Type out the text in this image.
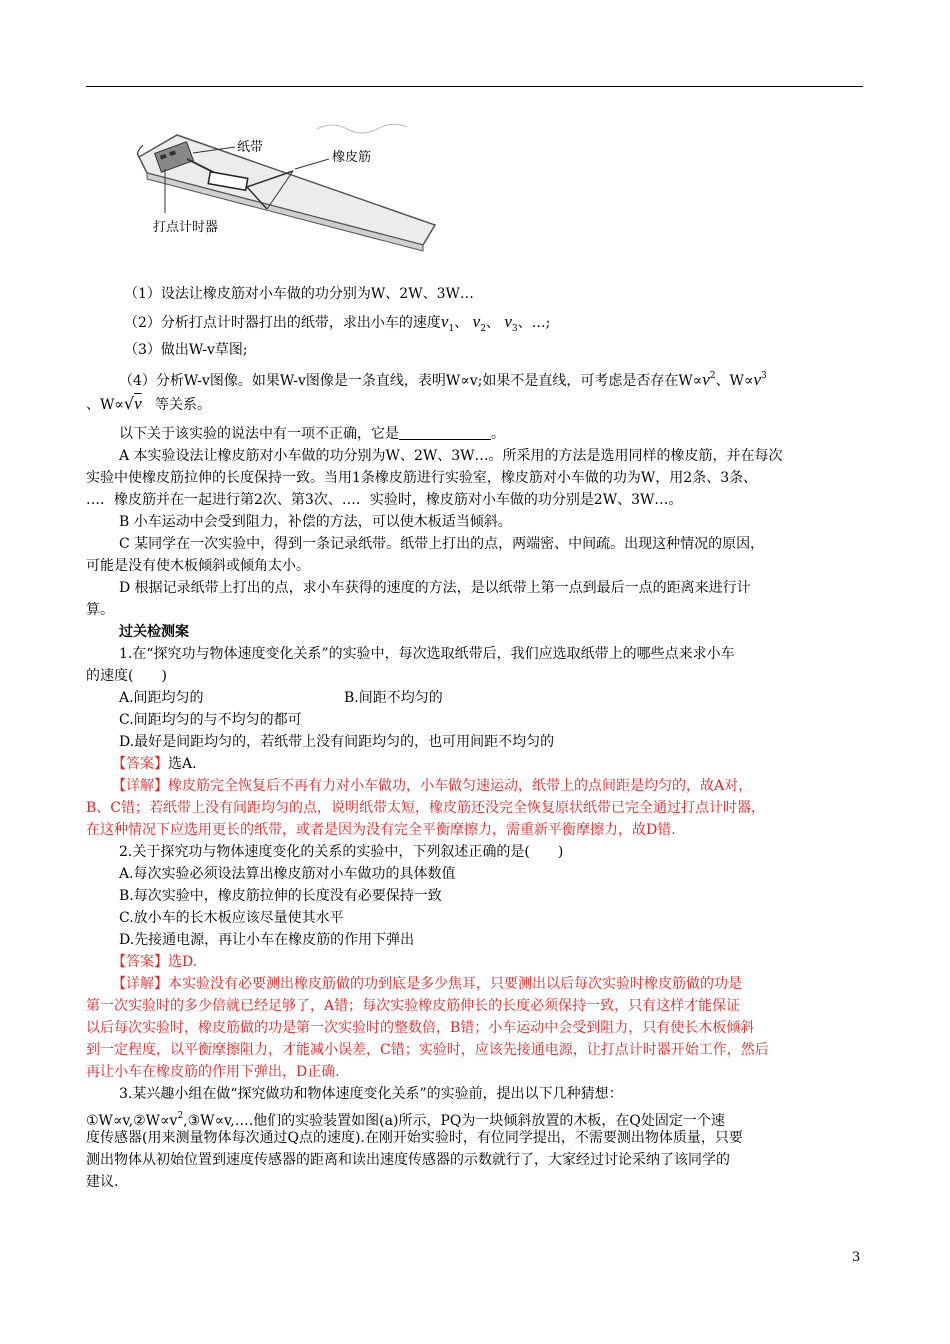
纸带
橡皮筋
打点计时器
（1）设法让橡皮筋对小车做的功分别为W、2W、3W…
（2）分析打点计时器打出的纸带，求出小车的速度$v_1$、 $v_2$、 $v_3$、…;
（3）做出W-v草图;
（4）分析W-v图像。如果W-v图像是一条直线，表明W∝v;如果不是直线，可考虑是否存在$W\propto v^2$、$W\propto v^3$
、W∝√v 等关系。
以下关于该实验的说法中有一项不正确，它是	。
A 本实验设法让橡皮筋对小车做的功分别为W、2W、3W…。所采用的方法是选用同样的橡皮筋，并在每次
实验中使橡皮筋拉伸的长度保持一致。当用1条橡皮筋进行实验室，橡皮筋对小车做的功为W，用2条、3条、
…．橡皮筋并在一起进行第2次、第3次、…．实验时，橡皮筋对小车做的功分别是2W、3W…。
B 小车运动中会受到阻力，补偿的方法，可以使木板适当倾斜。
C 某同学在一次实验中，得到一条记录纸带。纸带上打出的点，两端密、中间疏。出现这种情况的原因，
可能是没有使木板倾斜或倾角太小。
D 根据记录纸带上打出的点，求小车获得的速度的方法，是以纸带上第一点到最后一点的距离来进行计
算。
过关检测案
1.在“探究功与物体速度变化关系”的实验中，每次选取纸带后，我们应选取纸带上的哪些点来求小车
的速度(　　)
A.间距均匀的	B.间距不均匀的
C.间距均匀的与不均匀的都可
D.最好是间距均匀的，若纸带上没有间距均匀的，也可用间距不均匀的
【答案】选A.
【详解】橡皮筋完全恢复后不再有力对小车做功，小车做匀速运动，纸带上的点间距是均匀的，故A对，
B、C错；若纸带上没有间距均匀的点，说明纸带太短，橡皮筋还没完全恢复原状纸带已完全通过打点计时器，
在这种情况下应选用更长的纸带，或者是因为没有完全平衡摩擦力，需重新平衡摩擦力，故D错.
2.关于探究功与物体速度变化的关系的实验中，下列叙述正确的是(　　)
A.每次实验必须设法算出橡皮筋对小车做功的具体数值
B.每次实验中，橡皮筋拉伸的长度没有必要保持一致
C.放小车的长木板应该尽量使其水平
D.先接通电源，再让小车在橡皮筋的作用下弹出
【答案】选D.
【详解】本实验没有必要测出橡皮筋做的功到底是多少焦耳，只要测出以后每次实验时橡皮筋做的功是
第一次实验时的多少倍就已经足够了，A错；每次实验橡皮筋伸长的长度必须保持一致，只有这样才能保证
以后每次实验时，橡皮筋做的功是第一次实验时的整数倍，B错；小车运动中会受到阻力，只有使长木板倾斜
到一定程度，以平衡摩擦阻力，才能减小误差，C错；实验时，应该先接通电源，让打点计时器开始工作，然后
再让小车在橡皮筋的作用下弹出，D正确.
3.某兴趣小组在做“探究做功和物体速度变化关系”的实验前，提出以下几种猜想：
$①W\propto v,②W\propto v^2,③W\propto v,\dots$.他们的实验装置如图(a)所示，PQ为一块倾斜放置的木板，在Q处固定一个速
度传感器(用来测量物体每次通过Q点的速度).在刚开始实验时，有位同学提出，不需要测出物体质量，只要
测出物体从初始位置到速度传感器的距离和读出速度传感器的示数就行了，大家经过讨论采纳了该同学的
建议.
3
